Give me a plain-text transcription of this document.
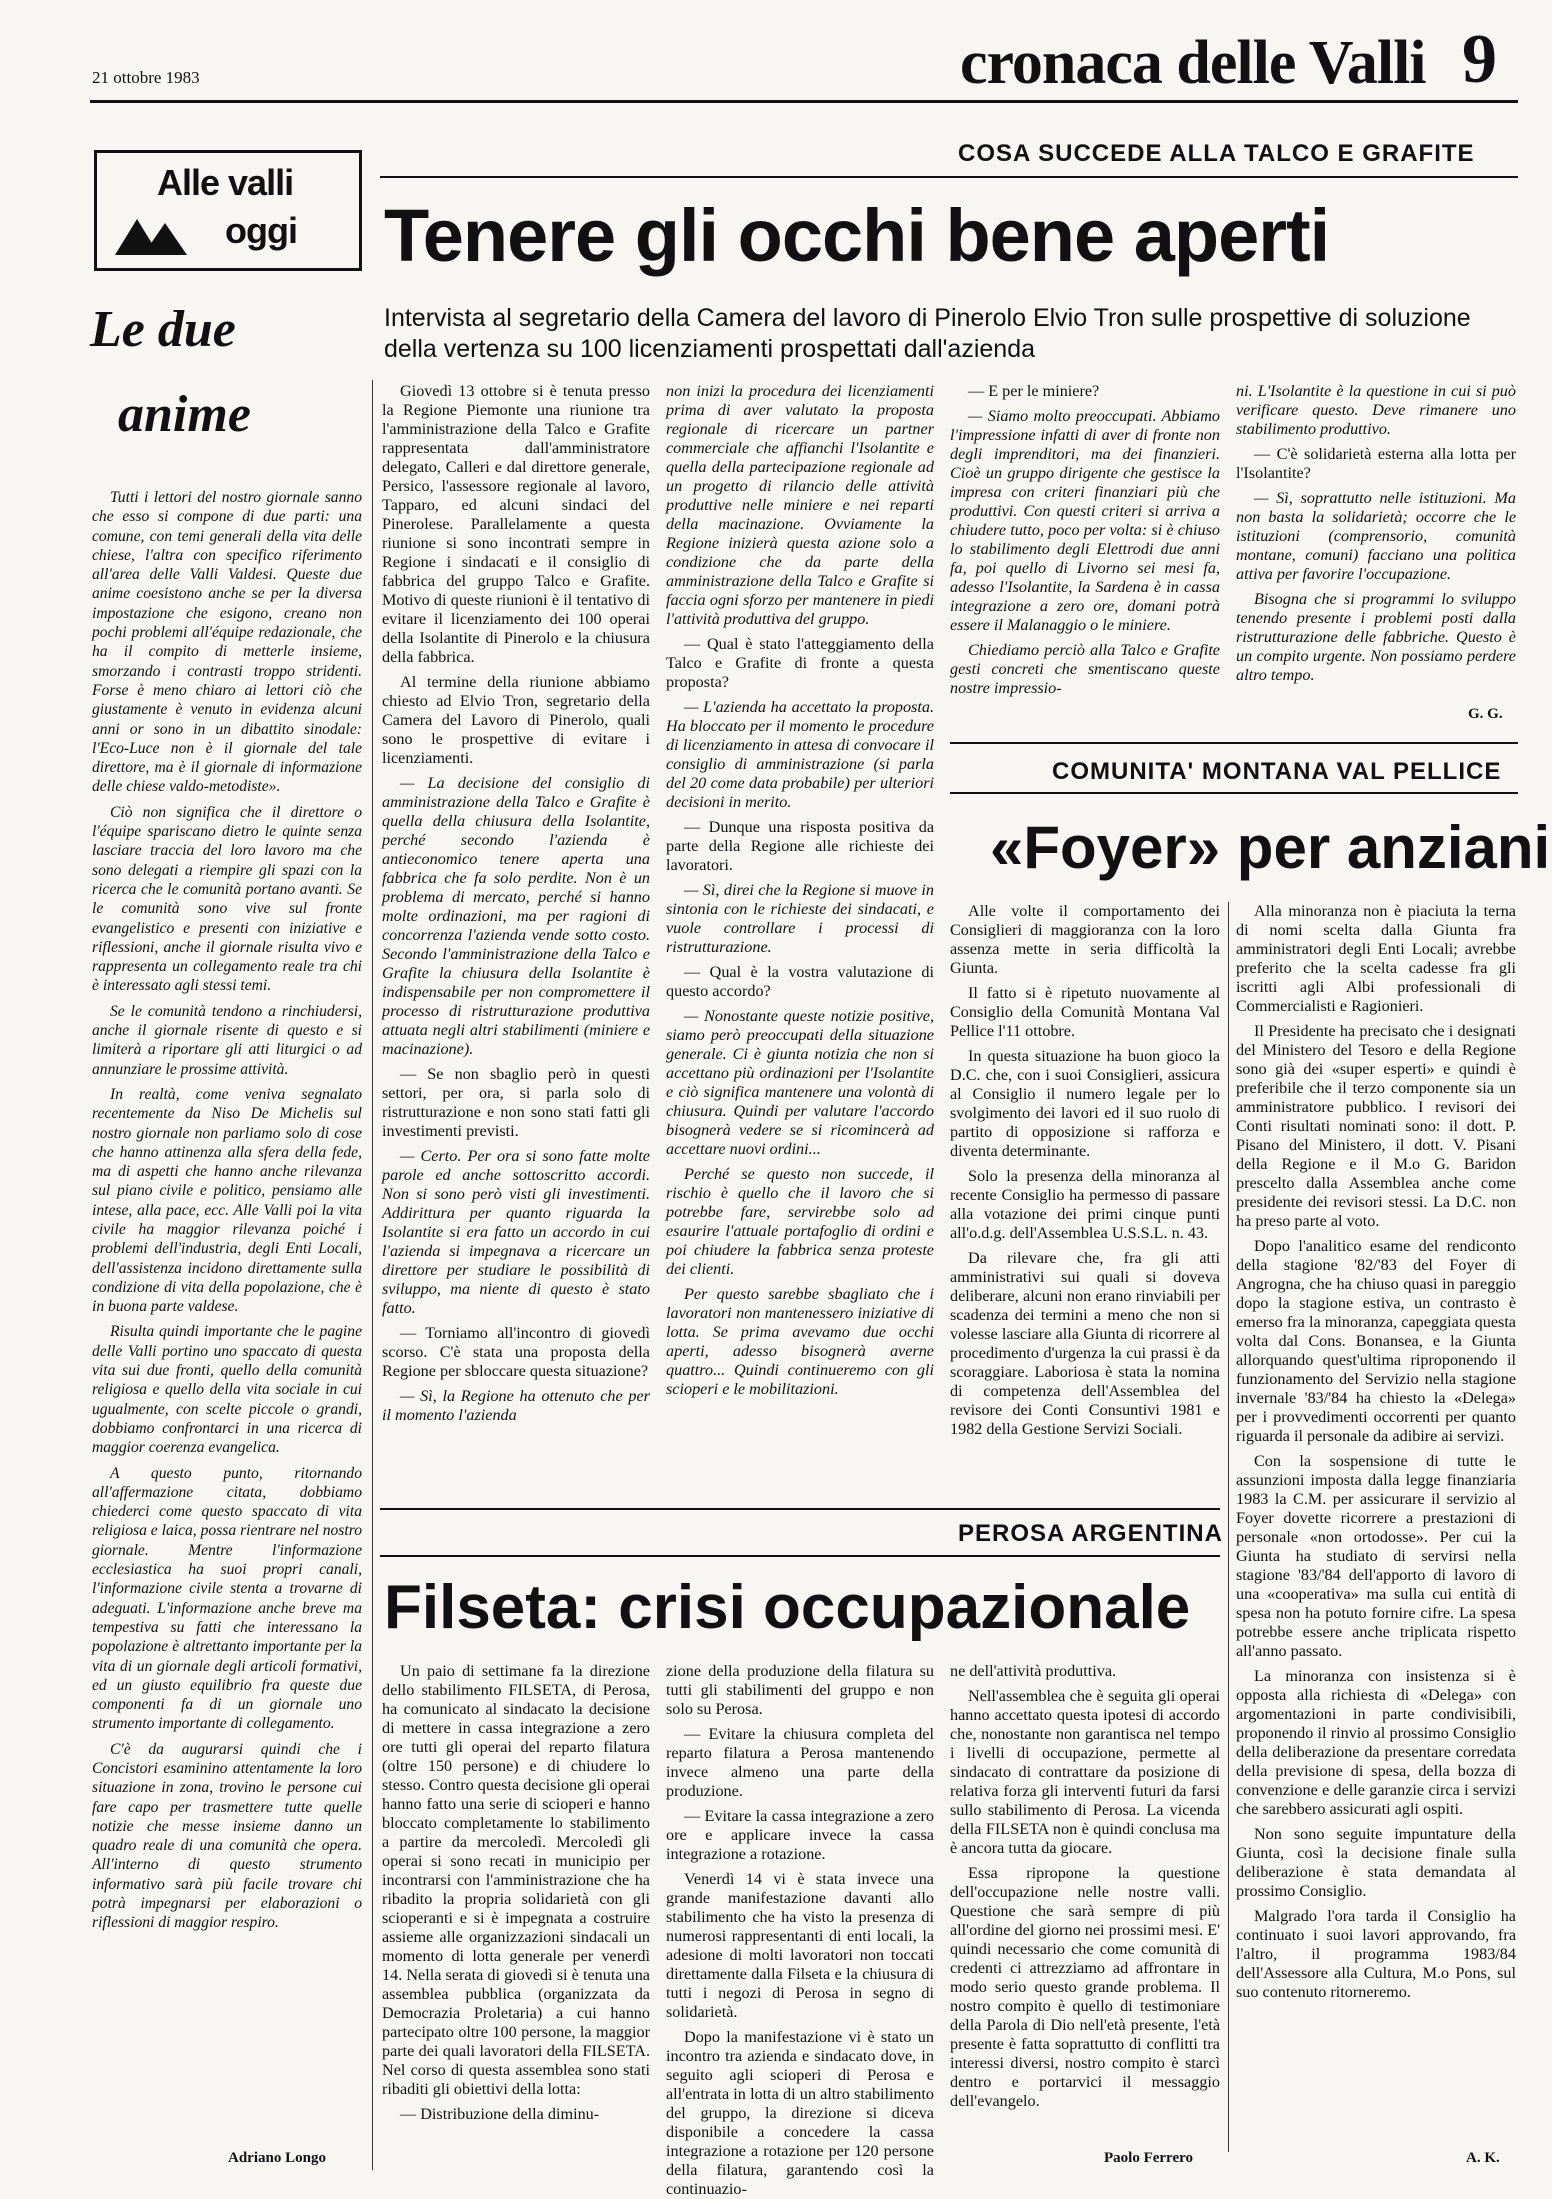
21 ottobre 1983	cronaca delle Valli 9
Alle valli
oggi
Le due
anime

Tutti i lettori del nostro giornale sanno che esso si compone di due parti: una comune, con temi generali della vita delle chiese, l'altra con specifico riferimento all'area delle Valli Valdesi. Queste due anime coesistono anche se per la diversa impostazione che esigono, creano non pochi problemi all'équipe redazionale, che ha il compito di metterle insieme, smorzando i contrasti troppo stridenti. Forse è meno chiaro ai lettori ciò che giustamente è venuto in evidenza alcuni anni or sono in un dibattito sinodale: l'Eco-Luce non è il giornale del tale direttore, ma è il giornale di informazione delle chiese valdo-metodiste».

Ciò non significa che il direttore o l'équipe spariscano dietro le quinte senza lasciare traccia del loro lavoro ma che sono delegati a riempire gli spazi con la ricerca che le comunità portano avanti. Se le comunità sono vive sul fronte evangelistico e presenti con iniziative e riflessioni, anche il giornale risulta vivo e rappresenta un collegamento reale tra chi è interessato agli stessi temi.

Se le comunità tendono a rinchiudersi, anche il giornale risente di questo e si limiterà a riportare gli atti liturgici o ad annunziare le prossime attività.

In realtà, come veniva segnalato recentemente da Niso De Michelis sul nostro giornale non parliamo solo di cose che hanno attinenza alla sfera della fede, ma di aspetti che hanno anche rilevanza sul piano civile e politico, pensiamo alle intese, alla pace, ecc. Alle Valli poi la vita civile ha maggior rilevanza poiché i problemi dell'industria, degli Enti Locali, dell'assistenza incidono direttamente sulla condizione di vita della popolazione, che è in buona parte valdese.

Risulta quindi importante che le pagine delle Valli portino uno spaccato di questa vita sui due fronti, quello della comunità religiosa e quello della vita sociale in cui ugualmente, con scelte piccole o grandi, dobbiamo confrontarci in una ricerca di maggior coerenza evangelica.

A questo punto, ritornando all'affermazione citata, dobbiamo chiederci come questo spaccato di vita religiosa e laica, possa rientrare nel nostro giornale. Mentre l'informazione ecclesiastica ha suoi propri canali, l'informazione civile stenta a trovarne di adeguati. L'informazione anche breve ma tempestiva su fatti che interessano la popolazione è altrettanto importante per la vita di un giornale degli articoli formativi, ed un giusto equilibrio fra queste due componenti fa di un giornale uno strumento importante di collegamento.

C'è da augurarsi quindi che i Concistori esaminino attentamente la loro situazione in zona, trovino le persone cui fare capo per trasmettere tutte quelle notizie che messe insieme danno un quadro reale di una comunità che opera. All'interno di questo strumento informativo sarà più facile trovare chi potrà impegnarsi per elaborazioni o riflessioni di maggior respiro.

Adriano Longo
COSA SUCCEDE ALLA TALCO E GRAFITE
Tenere gli occhi bene aperti
Intervista al segretario della Camera del lavoro di Pinerolo Elvio Tron sulle prospettive di soluzione della vertenza su 100 licenziamenti prospettati dall'azienda

Giovedì 13 ottobre si è tenuta presso la Regione Piemonte una riunione tra l'amministrazione della Talco e Grafite rappresentata dall'amministratore delegato, Calleri e dal direttore generale, Persico, l'assessore regionale al lavoro, Tapparo, ed alcuni sindaci del Pinerolese. Parallelamente a questa riunione si sono incontrati sempre in Regione i sindacati e il consiglio di fabbrica del gruppo Talco e Grafite. Motivo di queste riunioni è il tentativo di evitare il licenziamento dei 100 operai della Isolantite di Pinerolo e la chiusura della fabbrica.

Al termine della riunione abbiamo chiesto ad Elvio Tron, segretario della Camera del Lavoro di Pinerolo, quali sono le prospettive di evitare i licenziamenti.

— La decisione del consiglio di amministrazione della Talco e Grafite è quella della chiusura della Isolantite, perché secondo l'azienda è antieconomico tenere aperta una fabbrica che fa solo perdite. Non è un problema di mercato, perché si hanno molte ordinazioni, ma per ragioni di concorrenza l'azienda vende sotto costo. Secondo l'amministrazione della Talco e Grafite la chiusura della Isolantite è indispensabile per non compromettere il processo di ristrutturazione produttiva attuata negli altri stabilimenti (miniere e macinazione).

— Se non sbaglio però in questi settori, per ora, si parla solo di ristrutturazione e non sono stati fatti gli investimenti previsti.

— Certo. Per ora si sono fatte molte parole ed anche sottoscritto accordi. Non si sono però visti gli investimenti. Addirittura per quanto riguarda la Isolantite si era fatto un accordo in cui l'azienda si impegnava a ricercare un direttore per studiare le possibilità di sviluppo, ma niente di questo è stato fatto.

— Torniamo all'incontro di giovedì scorso. C'è stata una proposta della Regione per sbloccare questa situazione?

— Sì, la Regione ha ottenuto che per il momento l'azienda

non inizi la procedura dei licenziamenti prima di aver valutato la proposta regionale di ricercare un partner commerciale che affianchi l'Isolantite e quella della partecipazione regionale ad un progetto di rilancio delle attività produttive nelle miniere e nei reparti della macinazione. Ovviamente la Regione inizierà questa azione solo a condizione che da parte della amministrazione della Talco e Grafite si faccia ogni sforzo per mantenere in piedi l'attività produttiva del gruppo.

— Qual è stato l'atteggiamento della Talco e Grafite di fronte a questa proposta?

— L'azienda ha accettato la proposta. Ha bloccato per il momento le procedure di licenziamento in attesa di convocare il consiglio di amministrazione (si parla del 20 come data probabile) per ulteriori decisioni in merito.

— Dunque una risposta positiva da parte della Regione alle richieste dei lavoratori.

— Sì, direi che la Regione si muove in sintonia con le richieste dei sindacati, e vuole controllare i processi di ristrutturazione.

— Qual è la vostra valutazione di questo accordo?

— Nonostante queste notizie positive, siamo però preoccupati della situazione generale. Ci è giunta notizia che non si accettano più ordinazioni per l'Isolantite e ciò significa mantenere una volontà di chiusura. Quindi per valutare l'accordo bisognerà vedere se si ricomincerà ad accettare nuovi ordini...

Perché se questo non succede, il rischio è quello che il lavoro che si potrebbe fare, servirebbe solo ad esaurire l'attuale portafoglio di ordini e poi chiudere la fabbrica senza proteste dei clienti.

Per questo sarebbe sbagliato che i lavoratori non mantenessero iniziative di lotta. Se prima avevamo due occhi aperti, adesso bisognerà averne quattro... Quindi continueremo con gli scioperi e le mobilitazioni.

— E per le miniere?

— Siamo molto preoccupati. Abbiamo l'impressione infatti di aver di fronte non degli imprenditori, ma dei finanzieri. Cioè un gruppo dirigente che gestisce la impresa con criteri finanziari più che produttivi. Con questi criteri si arriva a chiudere tutto, poco per volta: si è chiuso lo stabilimento degli Elettrodi due anni fa, poi quello di Livorno sei mesi fa, adesso l'Isolantite, la Sardena è in cassa integrazione a zero ore, domani potrà essere il Malanaggio o le miniere.

Chiediamo perciò alla Talco e Grafite gesti concreti che smentiscano queste nostre impressio-

ni. L'Isolantite è la questione in cui si può verificare questo. Deve rimanere uno stabilimento produttivo.

— C'è solidarietà esterna alla lotta per l'Isolantite?

— Sì, soprattutto nelle istituzioni. Ma non basta la solidarietà; occorre che le istituzioni (comprensorio, comunità montane, comuni) facciano una politica attiva per favorire l'occupazione.

Bisogna che si programmi lo sviluppo tenendo presente i problemi posti dalla ristrutturazione delle fabbriche. Questo è un compito urgente. Non possiamo perdere altro tempo.

G. G.
COMUNITA' MONTANA VAL PELLICE
«Foyer» per anziani

Alle volte il comportamento dei Consiglieri di maggioranza con la loro assenza mette in seria difficoltà la Giunta.

Il fatto si è ripetuto nuovamente al Consiglio della Comunità Montana Val Pellice l'11 ottobre.

In questa situazione ha buon gioco la D.C. che, con i suoi Consiglieri, assicura al Consiglio il numero legale per lo svolgimento dei lavori ed il suo ruolo di partito di opposizione si rafforza e diventa determinante.

Solo la presenza della minoranza al recente Consiglio ha permesso di passare alla votazione dei primi cinque punti all'o.d.g. dell'Assemblea U.S.S.L. n. 43.

Da rilevare che, fra gli atti amministrativi sui quali si doveva deliberare, alcuni non erano rinviabili per scadenza dei termini a meno che non si volesse lasciare alla Giunta di ricorrere al procedimento d'urgenza la cui prassi è da scoraggiare. Laboriosa è stata la nomina di competenza dell'Assemblea del revisore dei Conti Consuntivi 1981 e 1982 della Gestione Servizi Sociali.

Alla minoranza non è piaciuta la terna di nomi scelta dalla Giunta fra amministratori degli Enti Locali; avrebbe preferito che la scelta cadesse fra gli iscritti agli Albi professionali di Commercialisti e Ragionieri.

Il Presidente ha precisato che i designati del Ministero del Tesoro e della Regione sono già dei «super esperti» e quindi è preferibile che il terzo componente sia un amministratore pubblico. I revisori dei Conti risultati nominati sono: il dott. P. Pisano del Ministero, il dott. V. Pisani della Regione e il M.o G. Baridon prescelto dalla Assemblea anche come presidente dei revisori stessi. La D.C. non ha preso parte al voto.

Dopo l'analitico esame del rendiconto della stagione '82/'83 del Foyer di Angrogna, che ha chiuso quasi in pareggio dopo la stagione estiva, un contrasto è emerso fra la minoranza, capeggiata questa volta dal Cons. Bonansea, e la Giunta allorquando quest'ultima riproponendo il funzionamento del Servizio nella stagione invernale '83/'84 ha chiesto la «Delega» per i provvedimenti occorrenti per quanto riguarda il personale da adibire ai servizi.

Con la sospensione di tutte le assunzioni imposta dalla legge finanziaria 1983 la C.M. per assicurare il servizio al Foyer dovette ricorrere a prestazioni di personale «non ortodosse». Per cui la Giunta ha studiato di servirsi nella stagione '83/'84 dell'apporto di lavoro di una «cooperativa» ma sulla cui entità di spesa non ha potuto fornire cifre. La spesa potrebbe essere anche triplicata rispetto all'anno passato.

La minoranza con insistenza si è opposta alla richiesta di «Delega» con argomentazioni in parte condivisibili, proponendo il rinvio al prossimo Consiglio della deliberazione da presentare corredata della previsione di spesa, della bozza di convenzione e delle garanzie circa i servizi che sarebbero assicurati agli ospiti.

Non sono seguite impuntature della Giunta, così la decisione finale sulla deliberazione è stata demandata al prossimo Consiglio.

Malgrado l'ora tarda il Consiglio ha continuato i suoi lavori approvando, fra l'altro, il programma 1983/84 dell'Assessore alla Cultura, M.o Pons, sul suo contenuto ritorneremo.

A. K.
PEROSA ARGENTINA
Filseta: crisi occupazionale

Un paio di settimane fa la direzione dello stabilimento FILSETA, di Perosa, ha comunicato al sindacato la decisione di mettere in cassa integrazione a zero ore tutti gli operai del reparto filatura (oltre 150 persone) e di chiudere lo stesso. Contro questa decisione gli operai hanno fatto una serie di scioperi e hanno bloccato completamente lo stabilimento a partire da mercoledì. Mercoledì gli operai si sono recati in municipio per incontrarsi con l'amministrazione che ha ribadito la propria solidarietà con gli scioperanti e si è impegnata a costruire assieme alle organizzazioni sindacali un momento di lotta generale per venerdì 14. Nella serata di giovedì si è tenuta una assemblea pubblica (organizzata da Democrazia Proletaria) a cui hanno partecipato oltre 100 persone, la maggior parte dei quali lavoratori della FILSETA. Nel corso di questa assemblea sono stati ribaditi gli obiettivi della lotta:

— Distribuzione della diminu-

zione della produzione della filatura su tutti gli stabilimenti del gruppo e non solo su Perosa.

— Evitare la chiusura completa del reparto filatura a Perosa mantenendo invece almeno una parte della produzione.

— Evitare la cassa integrazione a zero ore e applicare invece la cassa integrazione a rotazione.

Venerdì 14 vi è stata invece una grande manifestazione davanti allo stabilimento che ha visto la presenza di numerosi rappresentanti di enti locali, la adesione di molti lavoratori non toccati direttamente dalla Filseta e la chiusura di tutti i negozi di Perosa in segno di solidarietà.

Dopo la manifestazione vi è stato un incontro tra azienda e sindacato dove, in seguito agli scioperi di Perosa e all'entrata in lotta di un altro stabilimento del gruppo, la direzione si diceva disponibile a concedere la cassa integrazione a rotazione per 120 persone della filatura, garantendo così la continuazio-

ne dell'attività produttiva.

Nell'assemblea che è seguita gli operai hanno accettato questa ipotesi di accordo che, nonostante non garantisca nel tempo i livelli di occupazione, permette al sindacato di contrattare da posizione di relativa forza gli interventi futuri da farsi sullo stabilimento di Perosa. La vicenda della FILSETA non è quindi conclusa ma è ancora tutta da giocare.

Essa ripropone la questione dell'occupazione nelle nostre valli. Questione che sarà sempre di più all'ordine del giorno nei prossimi mesi. E' quindi necessario che come comunità di credenti ci attrezziamo ad affrontare in modo serio questo grande problema. Il nostro compito è quello di testimoniare della Parola di Dio nell'età presente, l'età presente è fatta soprattutto di conflitti tra interessi diversi, nostro compito è starcì dentro e portarvici il messaggio dell'evangelo.

Paolo Ferrero
